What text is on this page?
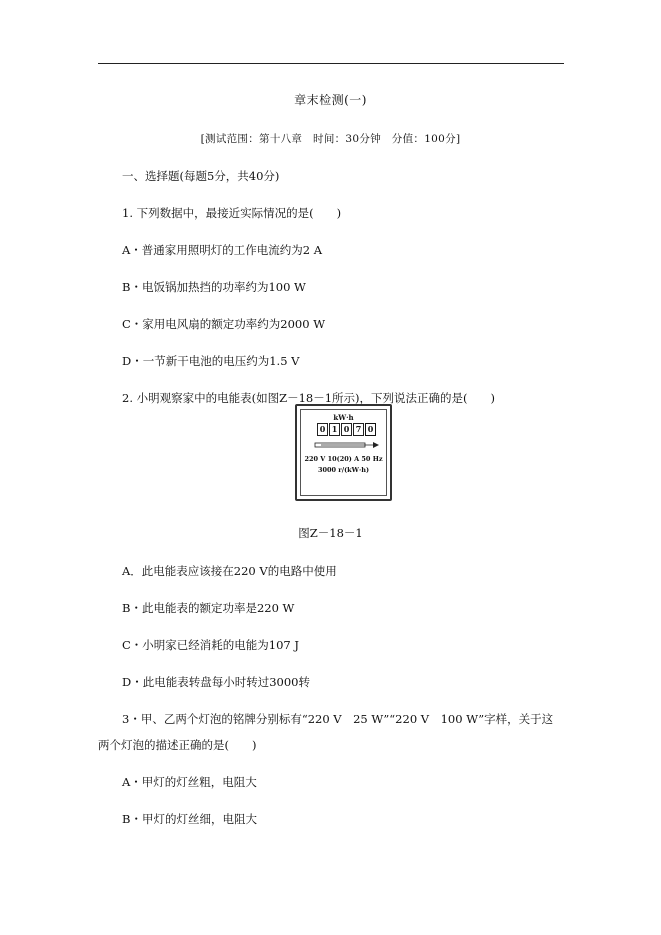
章末检测(一)
[测试范围：第十八章　时间：30分钟　分值：100分]
一、选择题(每题5分，共40分)
1. 下列数据中，最接近实际情况的是(　　)
A・普通家用照明灯的工作电流约为2 A
B・电饭锅加热挡的功率约为100 W
C・家用电风扇的额定功率约为2000 W
D・一节新干电池的电压约为1.5 V
2. 小明观察家中的电能表(如图Z－18－1所示)，下列说法正确的是(　　)
kW·h
0 1 0 7 0
220 V 10(20) A 50 Hz
3000 r/(kW·h)
图Z－18－1
A．此电能表应该接在220 V的电路中使用
B・此电能表的额定功率是220 W
C・小明家已经消耗的电能为107 J
D・此电能表转盘每小时转过3000转
3・甲、乙两个灯泡的铭牌分别标有“220 V　25 W”“220 V　100 W”字样，关于这
两个灯泡的描述正确的是(　　)
A・甲灯的灯丝粗，电阻大
B・甲灯的灯丝细，电阻大
